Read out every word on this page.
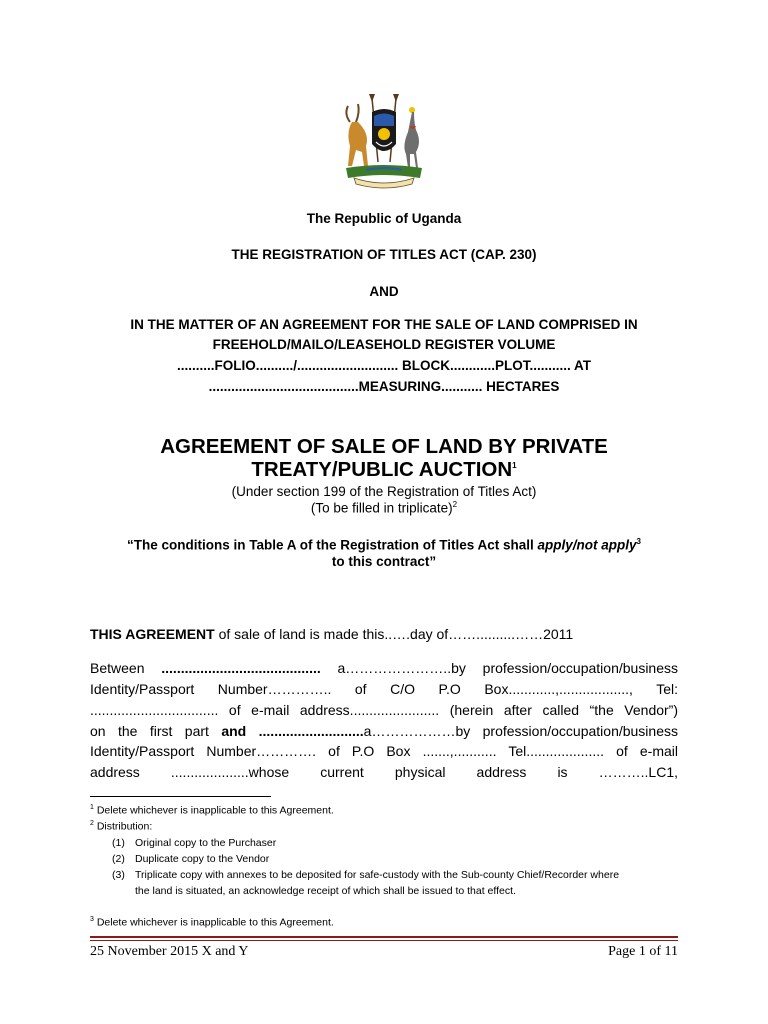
The Republic of Uganda
THE REGISTRATION OF TITLES ACT (CAP. 230)
AND
IN THE MATTER OF AN AGREEMENT FOR THE SALE OF LAND COMPRISED IN
FREEHOLD/MAILO/LEASEHOLD REGISTER VOLUME
..........FOLIO........../........................... BLOCK............PLOT........... AT
........................................MEASURING........... HECTARES
AGREEMENT OF SALE OF LAND BY PRIVATE
TREATY/PUBLIC AUCTION$^1$
(Under section 199 of the Registration of Titles Act)
(To be filled in triplicate)$^2$
“The conditions in Table A of the Registration of Titles Act shall apply/not apply$^3$
to this contract”
THIS AGREEMENT of sale of land is made this..….day of……..........……2011
Between ......................................... a…………………..by profession/occupation/business
Identity/Passport Number………….. of C/O P.O Box............,.................., Tel:
................................. of e-mail address....................... (herein after called “the Vendor”)
on the first part and ...........................a………………by profession/occupation/business
Identity/Passport Number…………. of P.O Box .......,........... Tel.................... of e-mail
address ....................whose current physical address is ………..LC1,
$^1$ Delete whichever is inapplicable to this Agreement.
$^2$ Distribution:
(1) Original copy to the Purchaser
(2) Duplicate copy to the Vendor
(3) Triplicate copy with annexes to be deposited for safe-custody with the Sub-county Chief/Recorder where
the land is situated, an acknowledge receipt of which shall be issued to that effect.
$^3$ Delete whichever is inapplicable to this Agreement.
25 November 2015 X and Y	Page 1 of 11
